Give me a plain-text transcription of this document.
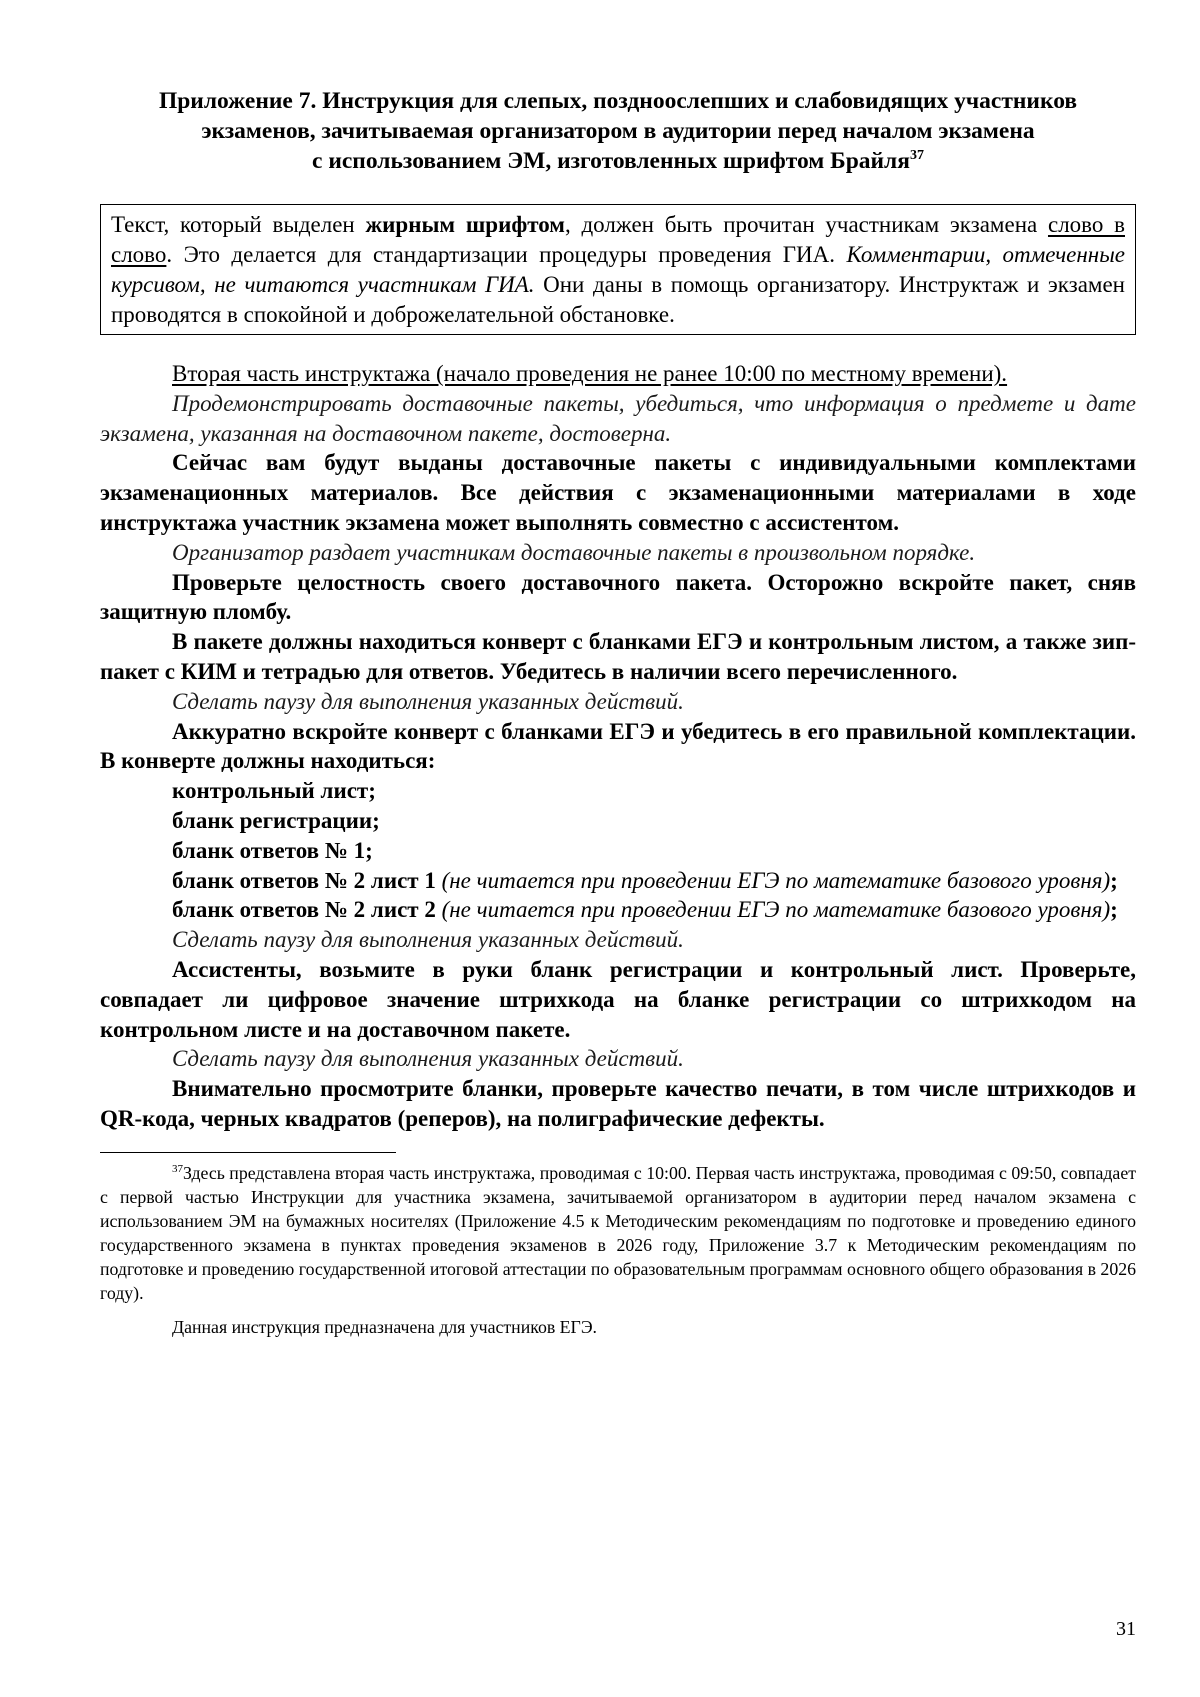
Приложение 7. Инструкция для слепых, поздноослепших и слабовидящих участников
экзаменов, зачитываемая организатором в аудитории перед началом экзамена
с использованием ЭМ, изготовленных шрифтом Брайля$^{37}$
Текст, который выделен жирным шрифтом, должен быть прочитан участникам экзамена слово в слово. Это делается для стандартизации процедуры проведения ГИА. Комментарии, отмеченные курсивом, не читаются участникам ГИА. Они даны в помощь организатору. Инструктаж и экзамен проводятся в спокойной и доброжелательной обстановке.
Вторая часть инструктажа (начало проведения не ранее 10:00 по местному времени).
Продемонстрировать доставочные пакеты, убедиться, что информация о предмете и дате экзамена, указанная на доставочном пакете, достоверна.
Сейчас вам будут выданы доставочные пакеты с индивидуальными комплектами экзаменационных материалов. Все действия с экзаменационными материалами в ходе инструктажа участник экзамена может выполнять совместно с ассистентом.
Организатор раздает участникам доставочные пакеты в произвольном порядке.
Проверьте целостность своего доставочного пакета. Осторожно вскройте пакет, сняв защитную пломбу.
В пакете должны находиться конверт с бланками ЕГЭ и контрольным листом, а также зип-пакет с КИМ и тетрадью для ответов. Убедитесь в наличии всего перечисленного.
Сделать паузу для выполнения указанных действий.
Аккуратно вскройте конверт с бланками ЕГЭ и убедитесь в его правильной комплектации. В конверте должны находиться:
контрольный лист;
бланк регистрации;
бланк ответов № 1;
бланк ответов № 2 лист 1 (не читается при проведении ЕГЭ по математике базового уровня);
бланк ответов № 2 лист 2 (не читается при проведении ЕГЭ по математике базового уровня);
Сделать паузу для выполнения указанных действий.
Ассистенты, возьмите в руки бланк регистрации и контрольный лист. Проверьте, совпадает ли цифровое значение штрихкода на бланке регистрации со штрихкодом на контрольном листе и на доставочном пакете.
Сделать паузу для выполнения указанных действий.
Внимательно просмотрите бланки, проверьте качество печати, в том числе штрихкодов и QR-кода, черных квадратов (реперов), на полиграфические дефекты.
$^{37}$Здесь представлена вторая часть инструктажа, проводимая с 10:00. Первая часть инструктажа, проводимая с 09:50, совпадает с первой частью Инструкции для участника экзамена, зачитываемой организатором в аудитории перед началом экзамена с использованием ЭМ на бумажных носителях (Приложение 4.5 к Методическим рекомендациям по подготовке и проведению единого государственного экзамена в пунктах проведения экзаменов в 2026 году, Приложение 3.7 к Методическим рекомендациям по подготовке и проведению государственной итоговой аттестации по образовательным программам основного общего образования в 2026 году).
Данная инструкция предназначена для участников ЕГЭ.
31
